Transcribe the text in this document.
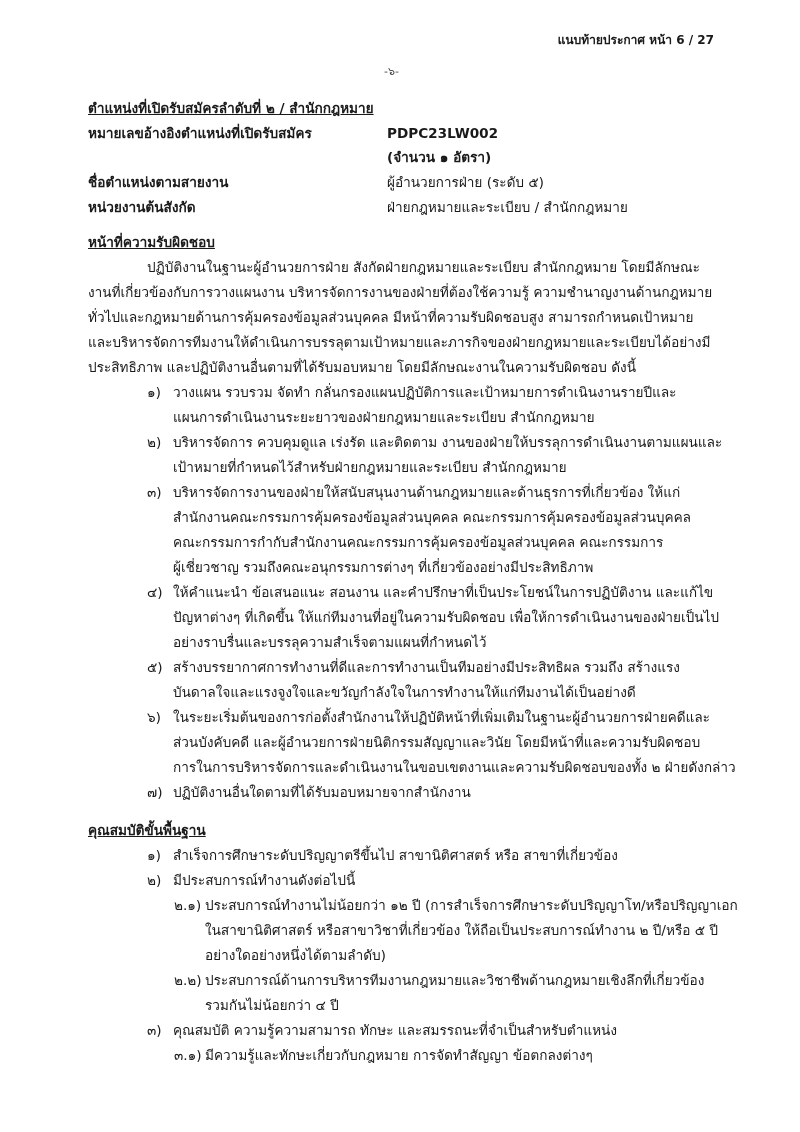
แนบท้ายประกาศ หน้า 6 / 27
-๖-
ตำแหน่งที่เปิดรับสมัครลำดับที่ ๒ / สำนักกฎหมาย
หมายเลขอ้างอิงตำแหน่งที่เปิดรับสมัคร	PDPC23LW002
(จำนวน ๑ อัตรา)
ชื่อตำแหน่งตามสายงาน	ผู้อำนวยการฝ่าย (ระดับ ๕)
หน่วยงานต้นสังกัด	ฝ่ายกฎหมายและระเบียบ / สำนักกฎหมาย
หน้าที่ความรับผิดชอบ
ปฏิบัติงานในฐานะผู้อำนวยการฝ่าย สังกัดฝ่ายกฎหมายและระเบียบ สำนักกฎหมาย โดยมีลักษณะ
งานที่เกี่ยวข้องกับการวางแผนงาน บริหารจัดการงานของฝ่ายที่ต้องใช้ความรู้ ความชำนาญงานด้านกฎหมาย
ทั่วไปและกฎหมายด้านการคุ้มครองข้อมูลส่วนบุคคล มีหน้าที่ความรับผิดชอบสูง สามารถกำหนดเป้าหมาย
และบริหารจัดการทีมงานให้ดำเนินการบรรลุตามเป้าหมายและภารกิจของฝ่ายกฎหมายและระเบียบได้อย่างมี
ประสิทธิภาพ และปฏิบัติงานอื่นตามที่ได้รับมอบหมาย โดยมีลักษณะงานในความรับผิดชอบ ดังนี้
๑) วางแผน รวบรวม จัดทำ กลั่นกรองแผนปฏิบัติการและเป้าหมายการดำเนินงานรายปีและ
แผนการดำเนินงานระยะยาวของฝ่ายกฎหมายและระเบียบ สำนักกฎหมาย
๒) บริหารจัดการ ควบคุมดูแล เร่งรัด และติดตาม งานของฝ่ายให้บรรลุการดำเนินงานตามแผนและ
เป้าหมายที่กำหนดไว้สำหรับฝ่ายกฎหมายและระเบียบ สำนักกฎหมาย
๓) บริหารจัดการงานของฝ่ายให้สนับสนุนงานด้านกฎหมายและด้านธุรการที่เกี่ยวข้อง ให้แก่
สำนักงานคณะกรรมการคุ้มครองข้อมูลส่วนบุคคล คณะกรรมการคุ้มครองข้อมูลส่วนบุคคล
คณะกรรมการกำกับสำนักงานคณะกรรมการคุ้มครองข้อมูลส่วนบุคคล คณะกรรมการ
ผู้เชี่ยวชาญ รวมถึงคณะอนุกรรมการต่างๆ ที่เกี่ยวข้องอย่างมีประสิทธิภาพ
๔) ให้คำแนะนำ ข้อเสนอแนะ สอนงาน และคำปรึกษาที่เป็นประโยชน์ในการปฏิบัติงาน และแก้ไข
ปัญหาต่างๆ ที่เกิดขึ้น ให้แก่ทีมงานที่อยู่ในความรับผิดชอบ เพื่อให้การดำเนินงานของฝ่ายเป็นไป
อย่างราบรื่นและบรรลุความสำเร็จตามแผนที่กำหนดไว้
๕) สร้างบรรยากาศการทำงานที่ดีและการทำงานเป็นทีมอย่างมีประสิทธิผล รวมถึง สร้างแรง
บันดาลใจและแรงจูงใจและขวัญกำลังใจในการทำงานให้แก่ทีมงานได้เป็นอย่างดี
๖) ในระยะเริ่มต้นของการก่อตั้งสำนักงานให้ปฏิบัติหน้าที่เพิ่มเติมในฐานะผู้อำนวยการฝ่ายคดีและ
ส่วนบังคับคดี และผู้อำนวยการฝ่ายนิติกรรมสัญญาและวินัย โดยมีหน้าที่และความรับผิดชอบ
การในการบริหารจัดการและดำเนินงานในขอบเขตงานและความรับผิดชอบของทั้ง ๒ ฝ่ายดังกล่าว
๗) ปฏิบัติงานอื่นใดตามที่ได้รับมอบหมายจากสำนักงาน
คุณสมบัติขั้นพื้นฐาน
๑) สำเร็จการศึกษาระดับปริญญาตรีขึ้นไป สาขานิติศาสตร์ หรือ สาขาที่เกี่ยวข้อง
๒) มีประสบการณ์ทำงานดังต่อไปนี้
๒.๑) ประสบการณ์ทำงานไม่น้อยกว่า ๑๒ ปี (การสำเร็จการศึกษาระดับปริญญาโท/หรือปริญญาเอก
ในสาขานิติศาสตร์ หรือสาขาวิชาที่เกี่ยวข้อง ให้ถือเป็นประสบการณ์ทำงาน ๒ ปี/หรือ ๕ ปี
อย่างใดอย่างหนึ่งได้ตามลำดับ)
๒.๒) ประสบการณ์ด้านการบริหารทีมงานกฎหมายและวิชาชีพด้านกฎหมายเชิงลึกที่เกี่ยวข้อง
รวมกันไม่น้อยกว่า ๔ ปี
๓) คุณสมบัติ ความรู้ความสามารถ ทักษะ และสมรรถนะที่จำเป็นสำหรับตำแหน่ง
๓.๑) มีความรู้และทักษะเกี่ยวกับกฎหมาย การจัดทำสัญญา ข้อตกลงต่างๆ
